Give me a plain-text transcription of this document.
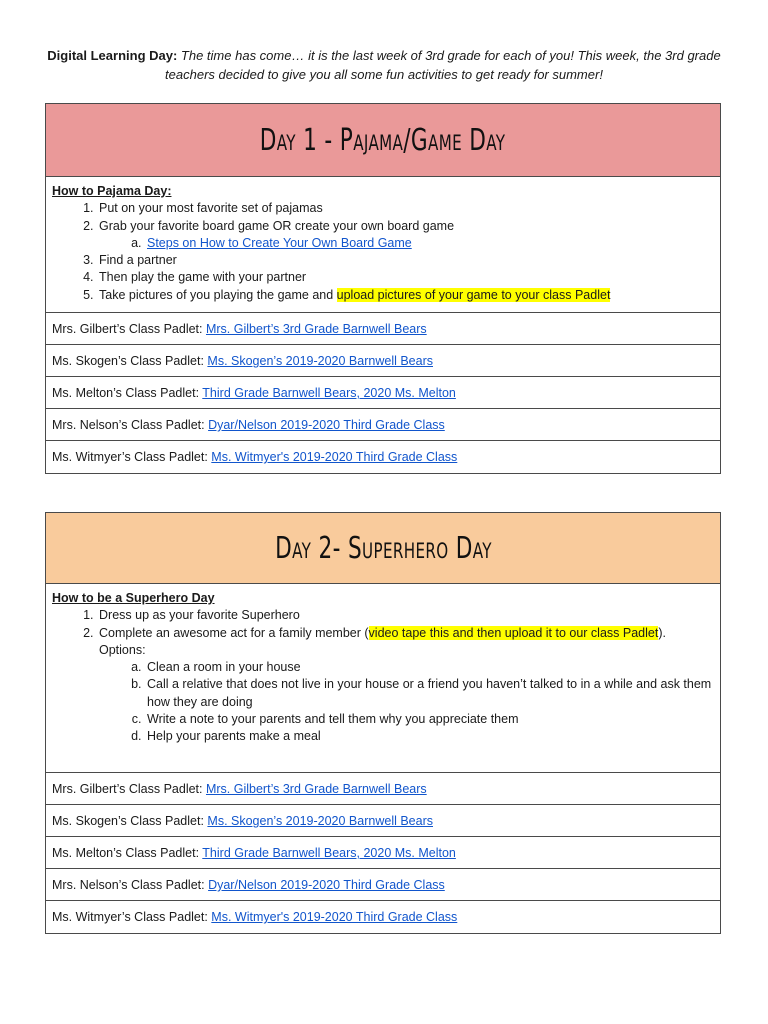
Digital Learning Day: The time has come… it is the last week of 3rd grade for each of you! This week, the 3rd grade teachers decided to give you all some fun activities to get ready for summer!
Day 1 - Pajama/Game Day
How to Pajama Day:
1. Put on your most favorite set of pajamas
2. Grab your favorite board game OR create your own board game
a. Steps on How to Create Your Own Board Game
3. Find a partner
4. Then play the game with your partner
5. Take pictures of you playing the game and upload pictures of your game to your class Padlet
Mrs. Gilbert’s Class Padlet: Mrs. Gilbert’s 3rd Grade Barnwell Bears
Ms. Skogen’s Class Padlet: Ms. Skogen’s 2019-2020 Barnwell Bears
Ms. Melton’s Class Padlet: Third Grade Barnwell Bears, 2020 Ms. Melton
Mrs. Nelson’s Class Padlet: Dyar/Nelson 2019-2020 Third Grade Class
Ms. Witmyer’s Class Padlet: Ms. Witmyer's 2019-2020 Third Grade Class
Day 2- Superhero Day
How to be a Superhero Day
1. Dress up as your favorite Superhero
2. Complete an awesome act for a family member (video tape this and then upload it to our class Padlet). Options:
a. Clean a room in your house
b. Call a relative that does not live in your house or a friend you haven’t talked to in a while and ask them how they are doing
c. Write a note to your parents and tell them why you appreciate them
d. Help your parents make a meal
Mrs. Gilbert’s Class Padlet: Mrs. Gilbert’s 3rd Grade Barnwell Bears
Ms. Skogen’s Class Padlet: Ms. Skogen’s 2019-2020 Barnwell Bears
Ms. Melton’s Class Padlet: Third Grade Barnwell Bears, 2020 Ms. Melton
Mrs. Nelson’s Class Padlet: Dyar/Nelson 2019-2020 Third Grade Class
Ms. Witmyer’s Class Padlet: Ms. Witmyer's 2019-2020 Third Grade Class
